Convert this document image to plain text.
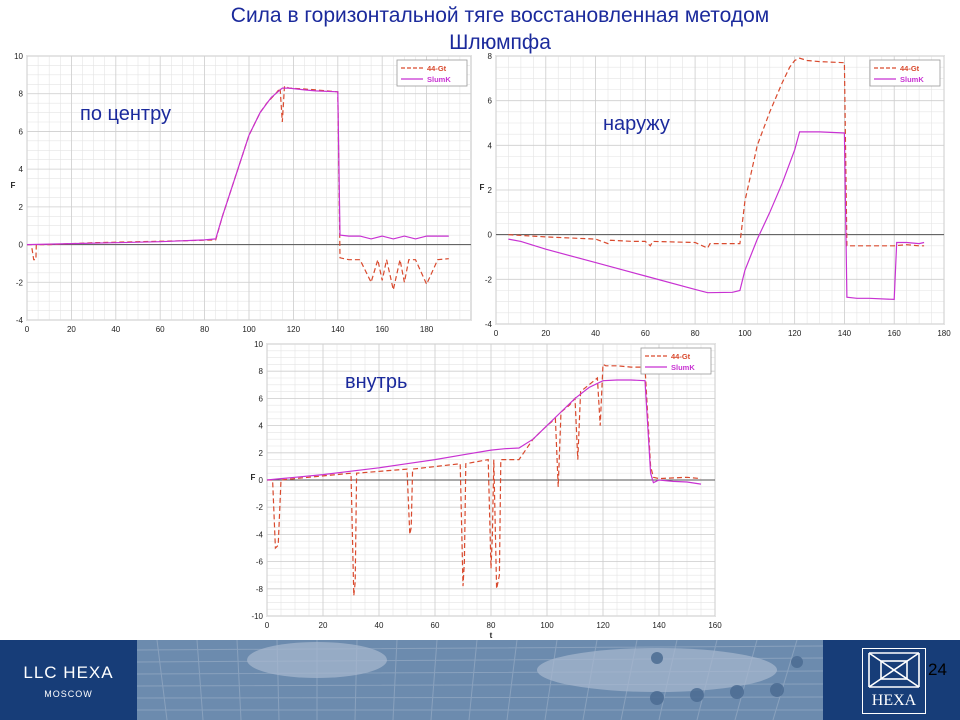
Сила в горизонтальной тяге восстановленная методом
Шлюмпфа
0	20	40	60	80	100	120	140	160	180
-4
-2
0
2
4
6
8
10
F
44-Gt
SlumK
по центру
0	20	40	60	80	100	120	140	160	180
-4
-2
0
2
4
6
8
F
44-Gt
SlumK
наружу
0	20	40	60	80	100	120	140	160
-10
-8
-6
-4
-2
0
2
4
6
8
10
F
t
44-Gt
SlumK
внутрь
LLC HEXA
MOSCOW	HEXA
24
